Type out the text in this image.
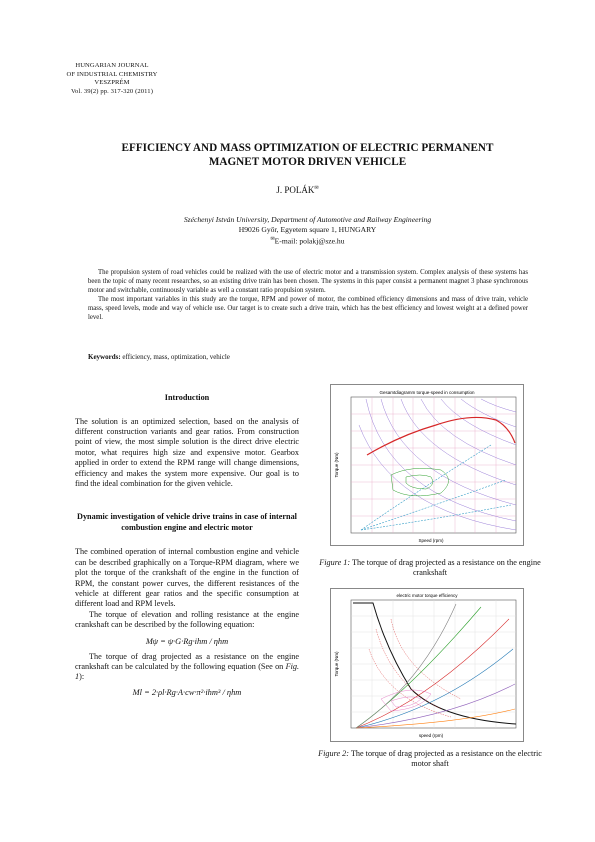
HUNGARIAN JOURNAL
OF INDUSTRIAL CHEMISTRY
VESZPRÉM
Vol. 39(2) pp. 317-320 (2011)
EFFICIENCY AND MASS OPTIMIZATION OF ELECTRIC PERMANENT
MAGNET MOTOR DRIVEN VEHICLE
J. POLÁK✉
Széchenyi István University, Department of Automotive and Railway Engineering
H9026 Győr, Egyetem square 1, HUNGARY
✉E-mail: polakj@sze.hu

The propulsion system of road vehicles could be realized with the use of electric motor and a transmission system. Complex analysis of these systems has been the topic of many recent researches, so an existing drive train has been chosen. The systems in this paper consist a permanent magnet 3 phase synchronous motor and switchable, continuously variable as well a constant ratio propulsion system.

The most important variables in this study are the torque, RPM and power of motor, the combined efficiency dimensions and mass of drive train, vehicle mass, speed levels, mode and way of vehicle use. Our target is to create such a drive train, which has the best efficiency and lowest weight at a defined power level.

Keywords: efficiency, mass, optimization, vehicle
Introduction
The solution is an optimized selection, based on the analysis of different construction variants and gear ratios. From construction point of view, the most simple solution is the direct drive electric motor, what requires high size and expensive motor. Gearbox applied in order to extend the RPM range will change dimensions, efficiency and makes the system more expensive. Our goal is to find the ideal combination for the given vehicle.
Dynamic investigation of vehicle drive trains in case of internal combustion engine and electric motor
The combined operation of internal combustion engine and vehicle can be described graphically on a Torque-RPM diagram, where we plot the torque of the crankshaft of the engine in the function of RPM, the constant power curves, the different resistances of the vehicle at different gear ratios and the specific consumption at different load and RPM levels.
The torque of elevation and rolling resistance at the engine crankshaft can be described by the following equation:
Mψ = ψ·G·Rg·ihm / ηhm
The torque of drag projected as a resistance on the engine crankshaft can be calculated by the following equation (See on Fig. 1):
Ml = 2·ρl·Rg·A·cw·π²·ihm³ / ηhm
Gesamtdiagramm torque-speed in consumption
Speed (rpm)
Torque (Nm)
Figure 1: The torque of drag projected as a resistance on the engine crankshaft
electric motor torque efficiency
speed (rpm)
Torque (Nm)
Figure 2: The torque of drag projected as a resistance on the electric motor shaft
